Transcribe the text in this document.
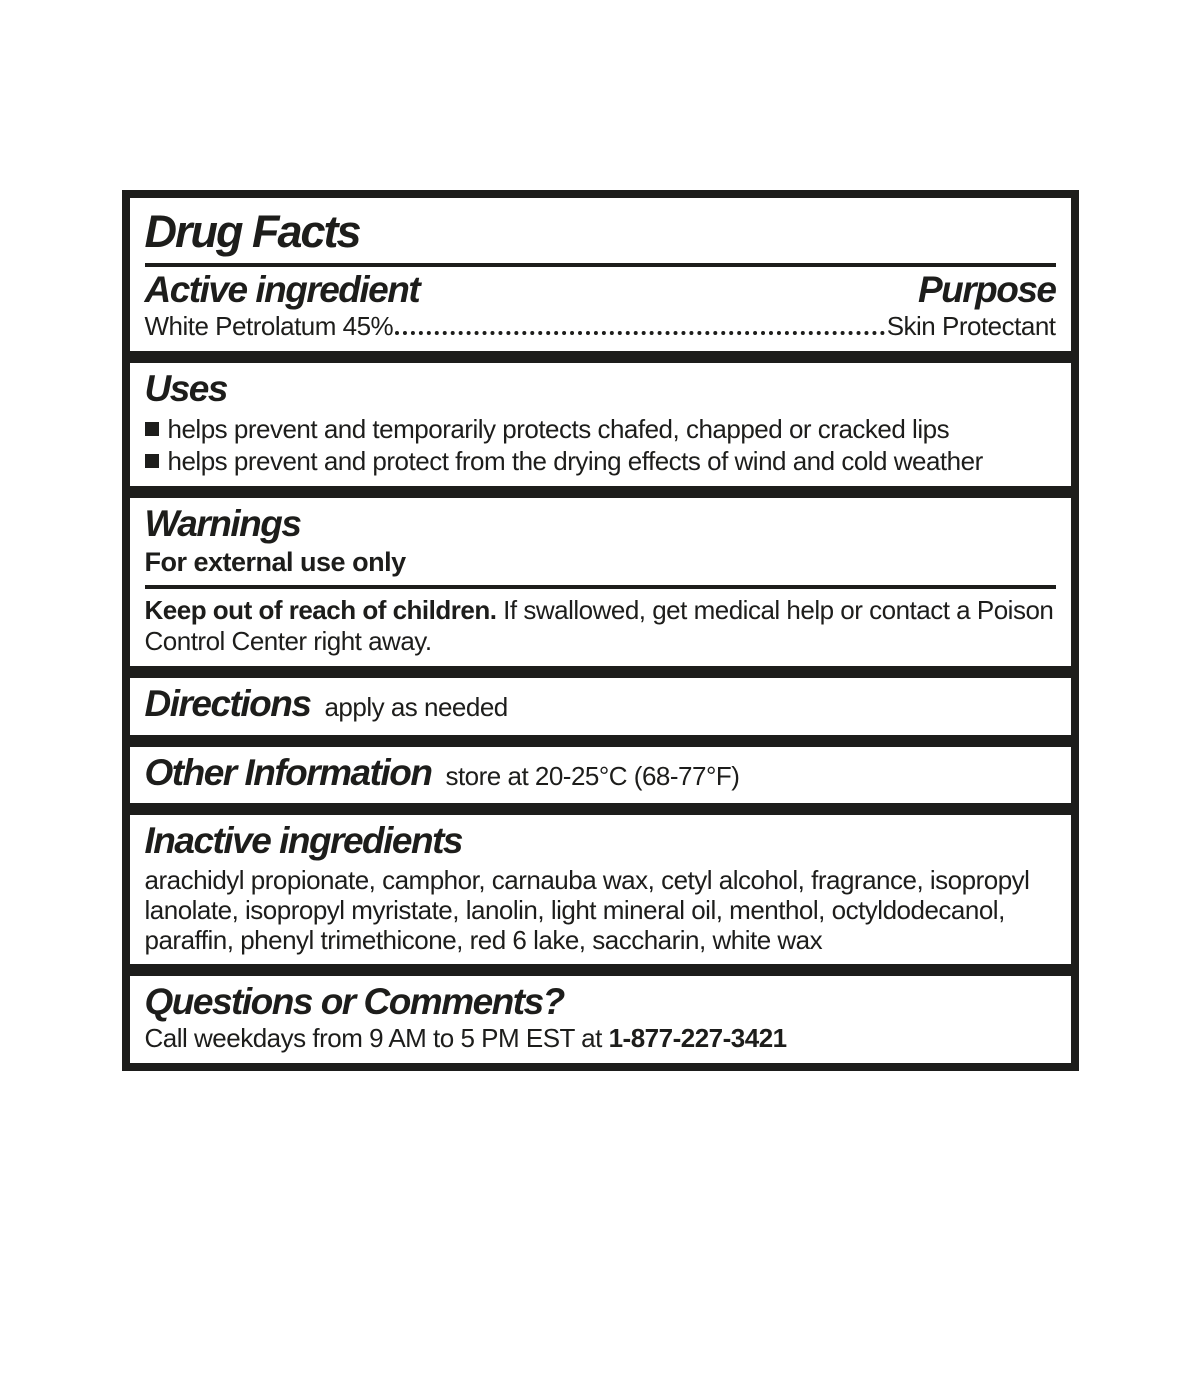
Drug Facts
Active ingredient	Purpose
White Petrolatum 45%	Skin Protectant
Uses
helps prevent and temporarily protects chafed, chapped or cracked lips
helps prevent and protect from the drying effects of wind and cold weather
Warnings
For external use only

Keep out of reach of children. If swallowed, get medical help or contact a Poison Control Center right away.

Directions apply as needed
Other Information store at 20-25°C (68-77°F)
Inactive ingredients

arachidyl propionate, camphor, carnauba wax, cetyl alcohol, fragrance, isopropyl lanolate, isopropyl myristate, lanolin, light mineral oil, menthol, octyldodecanol, paraffin, phenyl trimethicone, red 6 lake, saccharin, white wax

Questions or Comments?

Call weekdays from 9 AM to 5 PM EST at 1-877-227-3421
